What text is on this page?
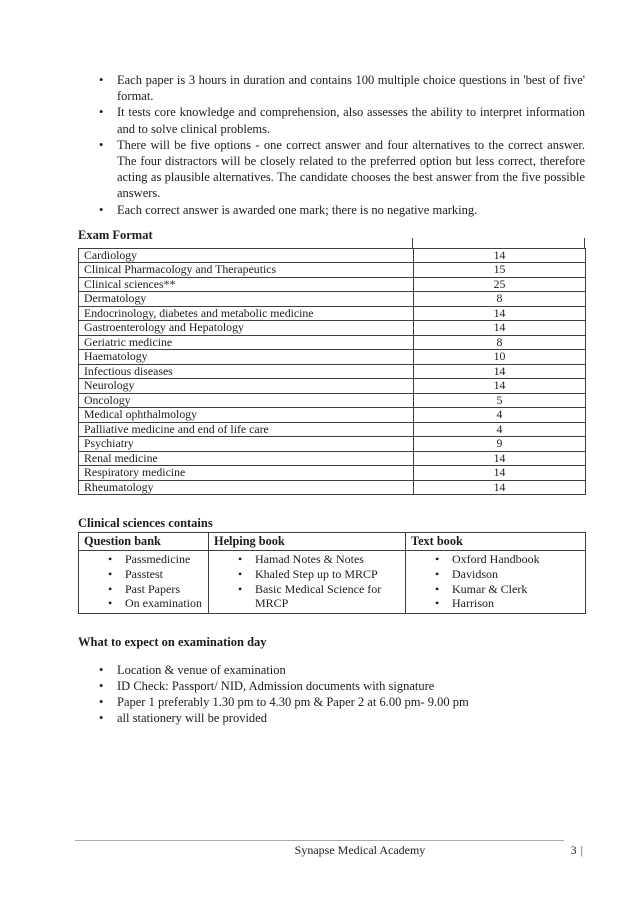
• Each paper is 3 hours in duration and contains 100 multiple choice questions in 'best of five' format.
• It tests core knowledge and comprehension, also assesses the ability to interpret information and to solve clinical problems.
• There will be five options - one correct answer and four alternatives to the correct answer. The four distractors will be closely related to the preferred option but less correct, therefore acting as plausible alternatives. The candidate chooses the best answer from the five possible answers.
• Each correct answer is awarded one mark; there is no negative marking.
Exam Format
Cardiology	14
Clinical Pharmacology and Therapeutics	15
Clinical sciences**	25
Dermatology	8
Endocrinology, diabetes and metabolic medicine	14
Gastroenterology and Hepatology	14
Geriatric medicine	8
Haematology	10
Infectious diseases	14
Neurology	14
Oncology	5
Medical ophthalmology	4
Palliative medicine and end of life care	4
Psychiatry	9
Renal medicine	14
Respiratory medicine	14
Rheumatology	14
Clinical sciences contains
Question bank	Helping book	Text book

• Passmedicine
• Passtest
• Past Papers
• On examination

• Hamad Notes & Notes
• Khaled Step up to MRCP
• Basic Medical Science for MRCP

• Oxford Handbook
• Davidson
• Kumar & Clerk
• Harrison
What to expect on examination day
• Location & venue of examination
• ID Check: Passport/ NID, Admission documents with signature
• Paper 1 preferably 1.30 pm to 4.30 pm & Paper 2 at 6.00 pm- 9.00 pm
• all stationery will be provided
Synapse Medical Academy	3 |
